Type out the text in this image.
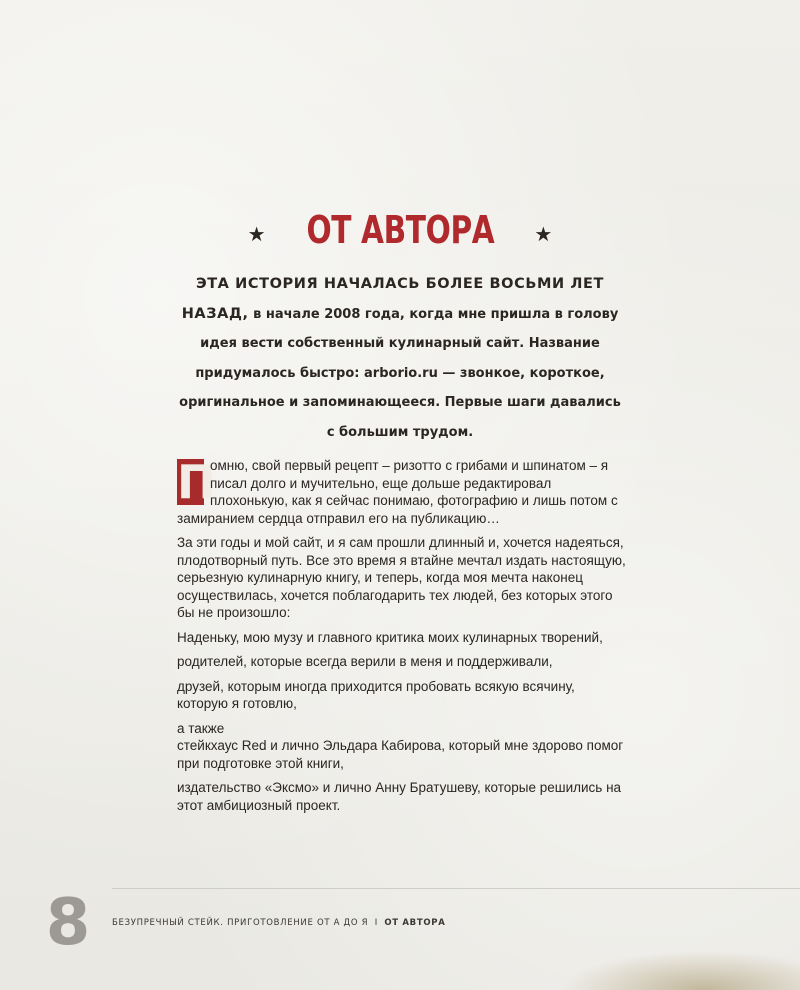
★ ОТ АВТОРА ★
ЭТА ИСТОРИЯ НАЧАЛАСЬ БОЛЕЕ ВОСЬМИ ЛЕТ НАЗАД, в начале 2008 года, когда мне пришла в голову идея вести собственный кулинарный сайт. Название придумалось быстро: arborio.ru — звонкое, короткое, оригинальное и запоминающееся. Первые шаги давались с большим трудом.

П
омню, свой первый рецепт – ризотто с грибами и шпинатом – я писал долго и мучительно, еще дольше редактировал плохонькую, как я сейчас понимаю, фотографию и лишь потом с замиранием сердца отправил его на публикацию…

За эти годы и мой сайт, и я сам прошли длинный и, хочется надеяться, плодотворный путь. Все это время я втайне мечтал издать настоящую, серьезную кулинарную книгу, и теперь, когда моя мечта наконец осуществилась, хочется поблагодарить тех людей, без которых этого бы не произошло:

Наденьку, мою музу и главного критика моих кулинарных творений,

родителей, которые всегда верили в меня и поддерживали,

друзей, которым иногда приходится пробовать всякую всячину, которую я готовлю,

а также
стейкхаус Red и лично Эльдара Кабирова, который мне здорово помог при подготовке этой книги,

издательство «Эксмо» и лично Анну Братушеву, которые решились на этот амбициозный проект.

8	БЕЗУПРЕЧНЫЙ СТЕЙК. ПРИГОТОВЛЕНИЕ ОТ А ДО Я I ОТ АВТОРА
